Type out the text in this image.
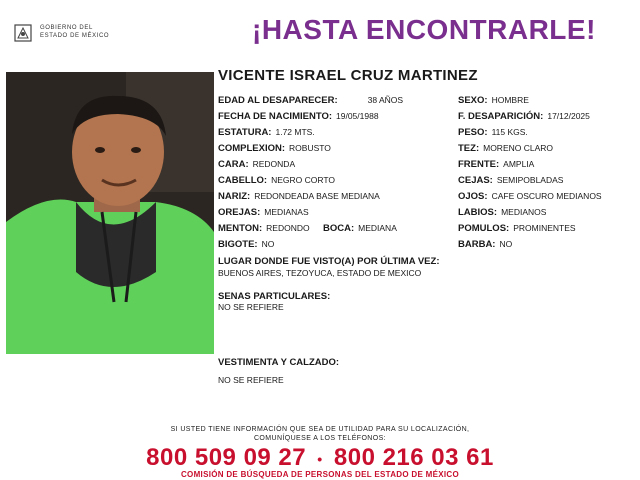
GOBIERNO DEL
ESTADO DE MÉXICO	¡HASTA ENCONTRARLE!
VICENTE ISRAEL CRUZ MARTINEZ
EDAD AL DESAPARECER:	38 AÑOS
FECHA DE NACIMIENTO: 19/05/1988
ESTATURA: 1.72 MTS.
COMPLEXION: ROBUSTO
CARA: REDONDA
CABELLO: NEGRO CORTO
NARIZ: REDONDEADA BASE MEDIANA
OREJAS: MEDIANAS
MENTON: REDONDO BOCA: MEDIANA
BIGOTE: NO
SEXO: HOMBRE
F. DESAPARICIÓN: 17/12/2025
PESO: 115 KGS.
TEZ: MORENO CLARO
FRENTE: AMPLIA
CEJAS: SEMIPOBLADAS
OJOS: CAFE OSCURO MEDIANOS
LABIOS: MEDIANOS
POMULOS: PROMINENTES
BARBA: NO
LUGAR DONDE FUE VISTO(A) POR ÚLTIMA VEZ:
BUENOS AIRES, TEZOYUCA, ESTADO DE MEXICO
SENAS PARTICULARES:
NO SE REFIERE
VESTIMENTA Y CALZADO:
NO SE REFIERE
SI USTED TIENE INFORMACIÓN QUE SEA DE UTILIDAD PARA SU LOCALIZACIÓN,
COMUNÍQUESE A LOS TELÉFONOS:
800 509 09 27 • 800 216 03 61
COMISIÓN DE BÚSQUEDA DE PERSONAS DEL ESTADO DE MÉXICO
